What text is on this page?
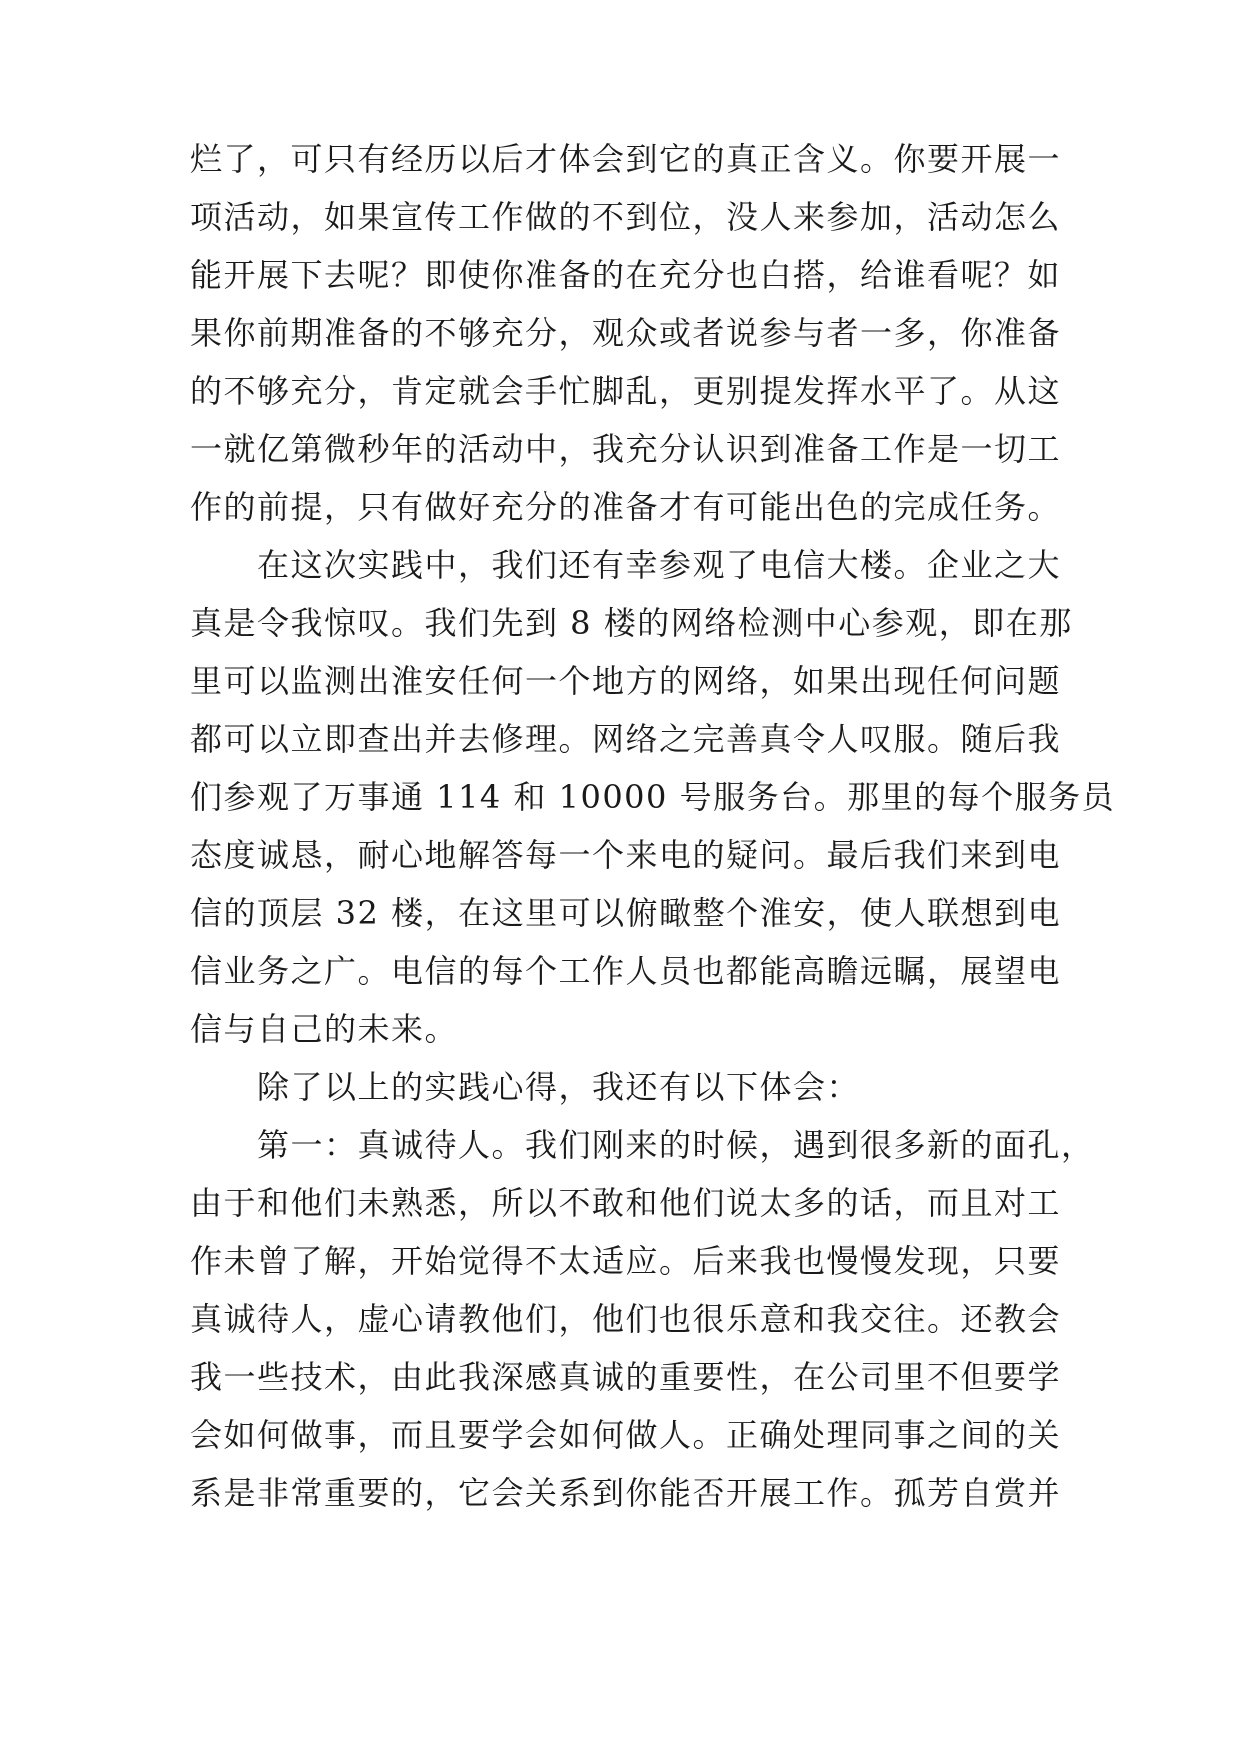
烂了，可只有经历以后才体会到它的真正含义。你要开展一
项活动，如果宣传工作做的不到位，没人来参加，活动怎么
能开展下去呢？即使你准备的在充分也白搭，给谁看呢？如
果你前期准备的不够充分，观众或者说参与者一多，你准备
的不够充分，肯定就会手忙脚乱，更别提发挥水平了。从这
一就亿第微秒年的活动中，我充分认识到准备工作是一切工
作的前提，只有做好充分的准备才有可能出色的完成任务。
　　在这次实践中，我们还有幸参观了电信大楼。企业之大
真是令我惊叹。我们先到 8 楼的网络检测中心参观，即在那
里可以监测出淮安任何一个地方的网络，如果出现任何问题
都可以立即查出并去修理。网络之完善真令人叹服。随后我
们参观了万事通 114 和 10000 号服务台。那里的每个服务员
态度诚恳，耐心地解答每一个来电的疑问。最后我们来到电
信的顶层 32 楼，在这里可以俯瞰整个淮安，使人联想到电
信业务之广。电信的每个工作人员也都能高瞻远瞩，展望电
信与自己的未来。
　　除了以上的实践心得，我还有以下体会：
　　第一：真诚待人。我们刚来的时候，遇到很多新的面孔，
由于和他们未熟悉，所以不敢和他们说太多的话，而且对工
作未曾了解，开始觉得不太适应。后来我也慢慢发现，只要
真诚待人，虚心请教他们，他们也很乐意和我交往。还教会
我一些技术，由此我深感真诚的重要性，在公司里不但要学
会如何做事，而且要学会如何做人。正确处理同事之间的关
系是非常重要的，它会关系到你能否开展工作。孤芳自赏并
